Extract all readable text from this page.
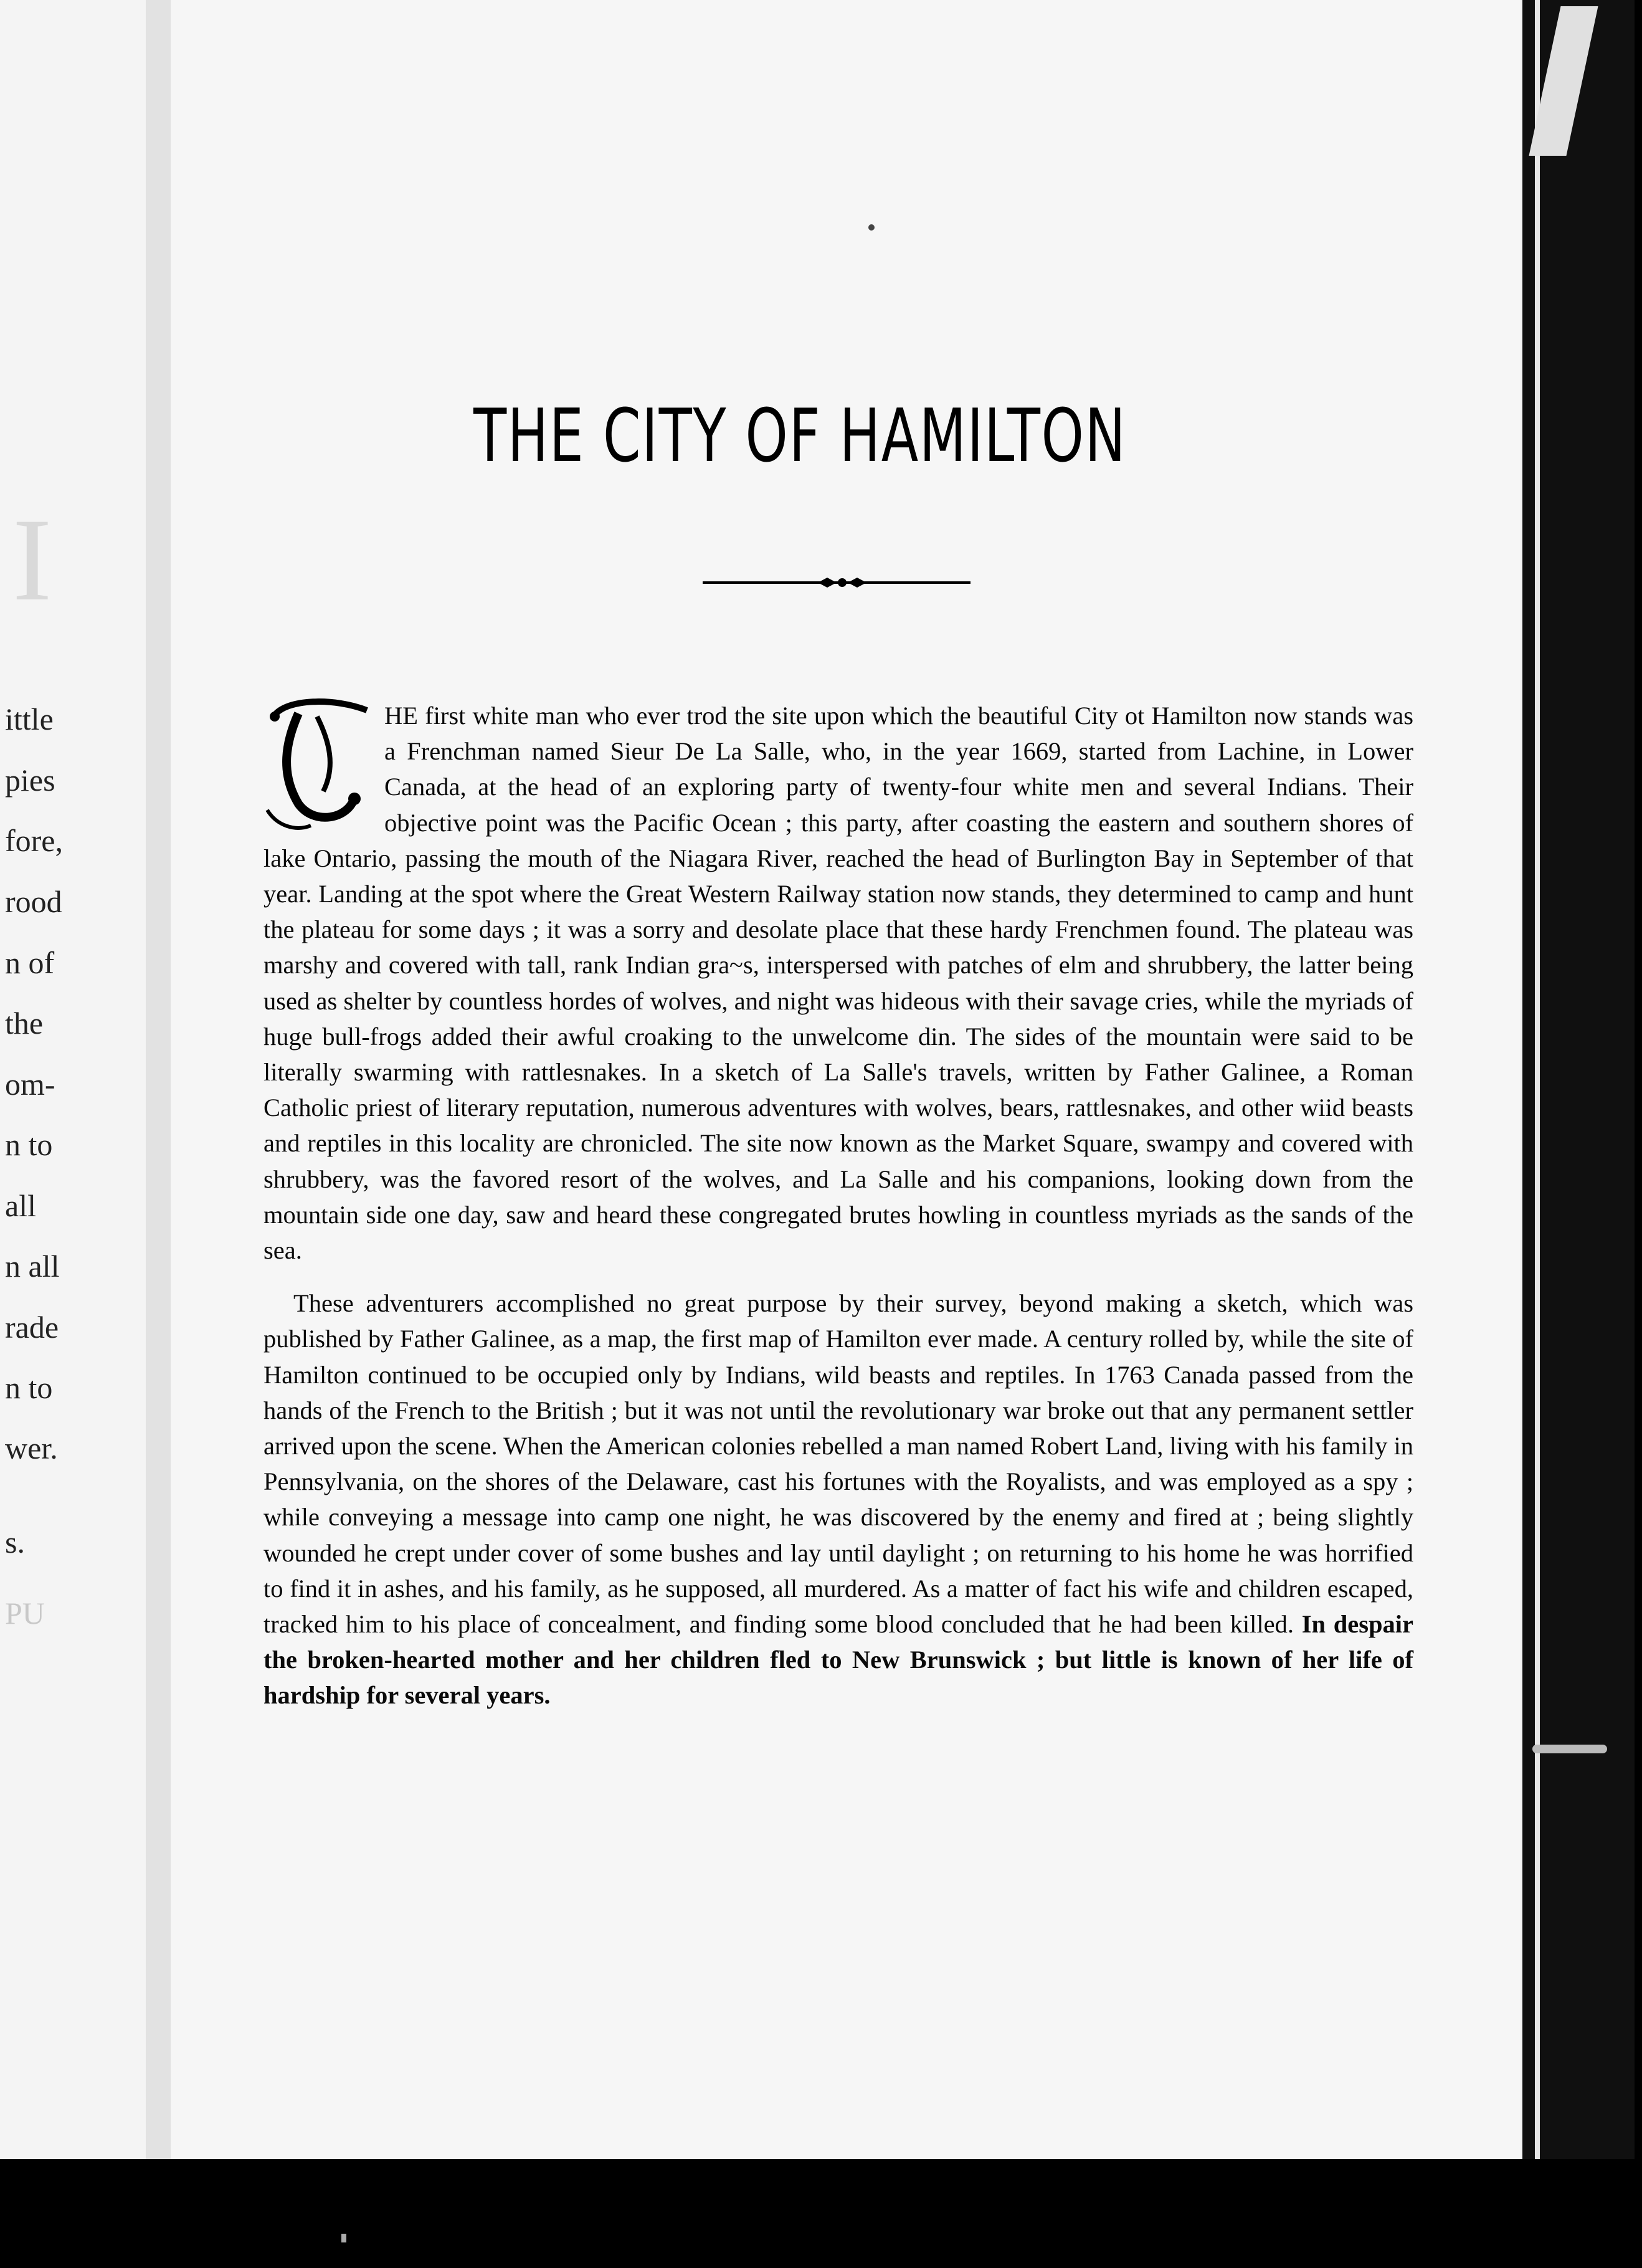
I
ittle
pies
fore,
rood
n of
the
om-
n to
all
n all
rade
n to
wer.
s.
PU
THE CITY OF HAMILTON

HE first white man who ever trod the site upon which the beautiful City ot Hamilton now stands was a Frenchman named Sieur De La Salle, who, in the year 1669, started from Lachine, in Lower Canada, at the head of an exploring party of twenty-four white men and several Indians. Their objective point was the Pacific Ocean ; this party, after coasting the eastern and southern shores of lake Ontario, passing the mouth of the Niagara River, reached the head of Burlington Bay in September of that year. Landing at the spot where the Great Western Railway station now stands, they determined to camp and hunt the plateau for some days ; it was a sorry and desolate place that these hardy Frenchmen found. The plateau was marshy and covered with tall, rank Indian gra~s, interspersed with patches of elm and shrubbery, the latter being used as shelter by countless hordes of wolves, and night was hideous with their savage cries, while the myriads of huge bull-frogs added their awful croaking to the unwelcome din. The sides of the mountain were said to be literally swarming with rattlesnakes. In a sketch of La Salle's travels, written by Father Galinee, a Roman Catholic priest of literary reputation, numerous adventures with wolves, bears, rattlesnakes, and other wiid beasts and reptiles in this locality are chronicled. The site now known as the Market Square, swampy and covered with shrubbery, was the favored resort of the wolves, and La Salle and his companions, looking down from the mountain side one day, saw and heard these congregated brutes howling in countless myriads as the sands of the sea.

These adventurers accomplished no great purpose by their survey, beyond making a sketch, which was published by Father Galinee, as a map, the first map of Hamilton ever made. A century rolled by, while the site of Hamilton continued to be occupied only by Indians, wild beasts and reptiles. In 1763 Canada passed from the hands of the French to the British ; but it was not until the revolutionary war broke out that any permanent settler arrived upon the scene. When the American colonies rebelled a man named Robert Land, living with his family in Pennsylvania, on the shores of the Delaware, cast his fortunes with the Royalists, and was employed as a spy ; while conveying a message into camp one night, he was discovered by the enemy and fired at ; being slightly wounded he crept under cover of some bushes and lay until daylight ; on returning to his home he was horrified to find it in ashes, and his family, as he supposed, all murdered. As a matter of fact his wife and children escaped, tracked him to his place of concealment, and finding some blood concluded that he had been killed. In despair the broken-hearted mother and her children fled to New Brunswick ; but little is known of her life of hardship for several years.
